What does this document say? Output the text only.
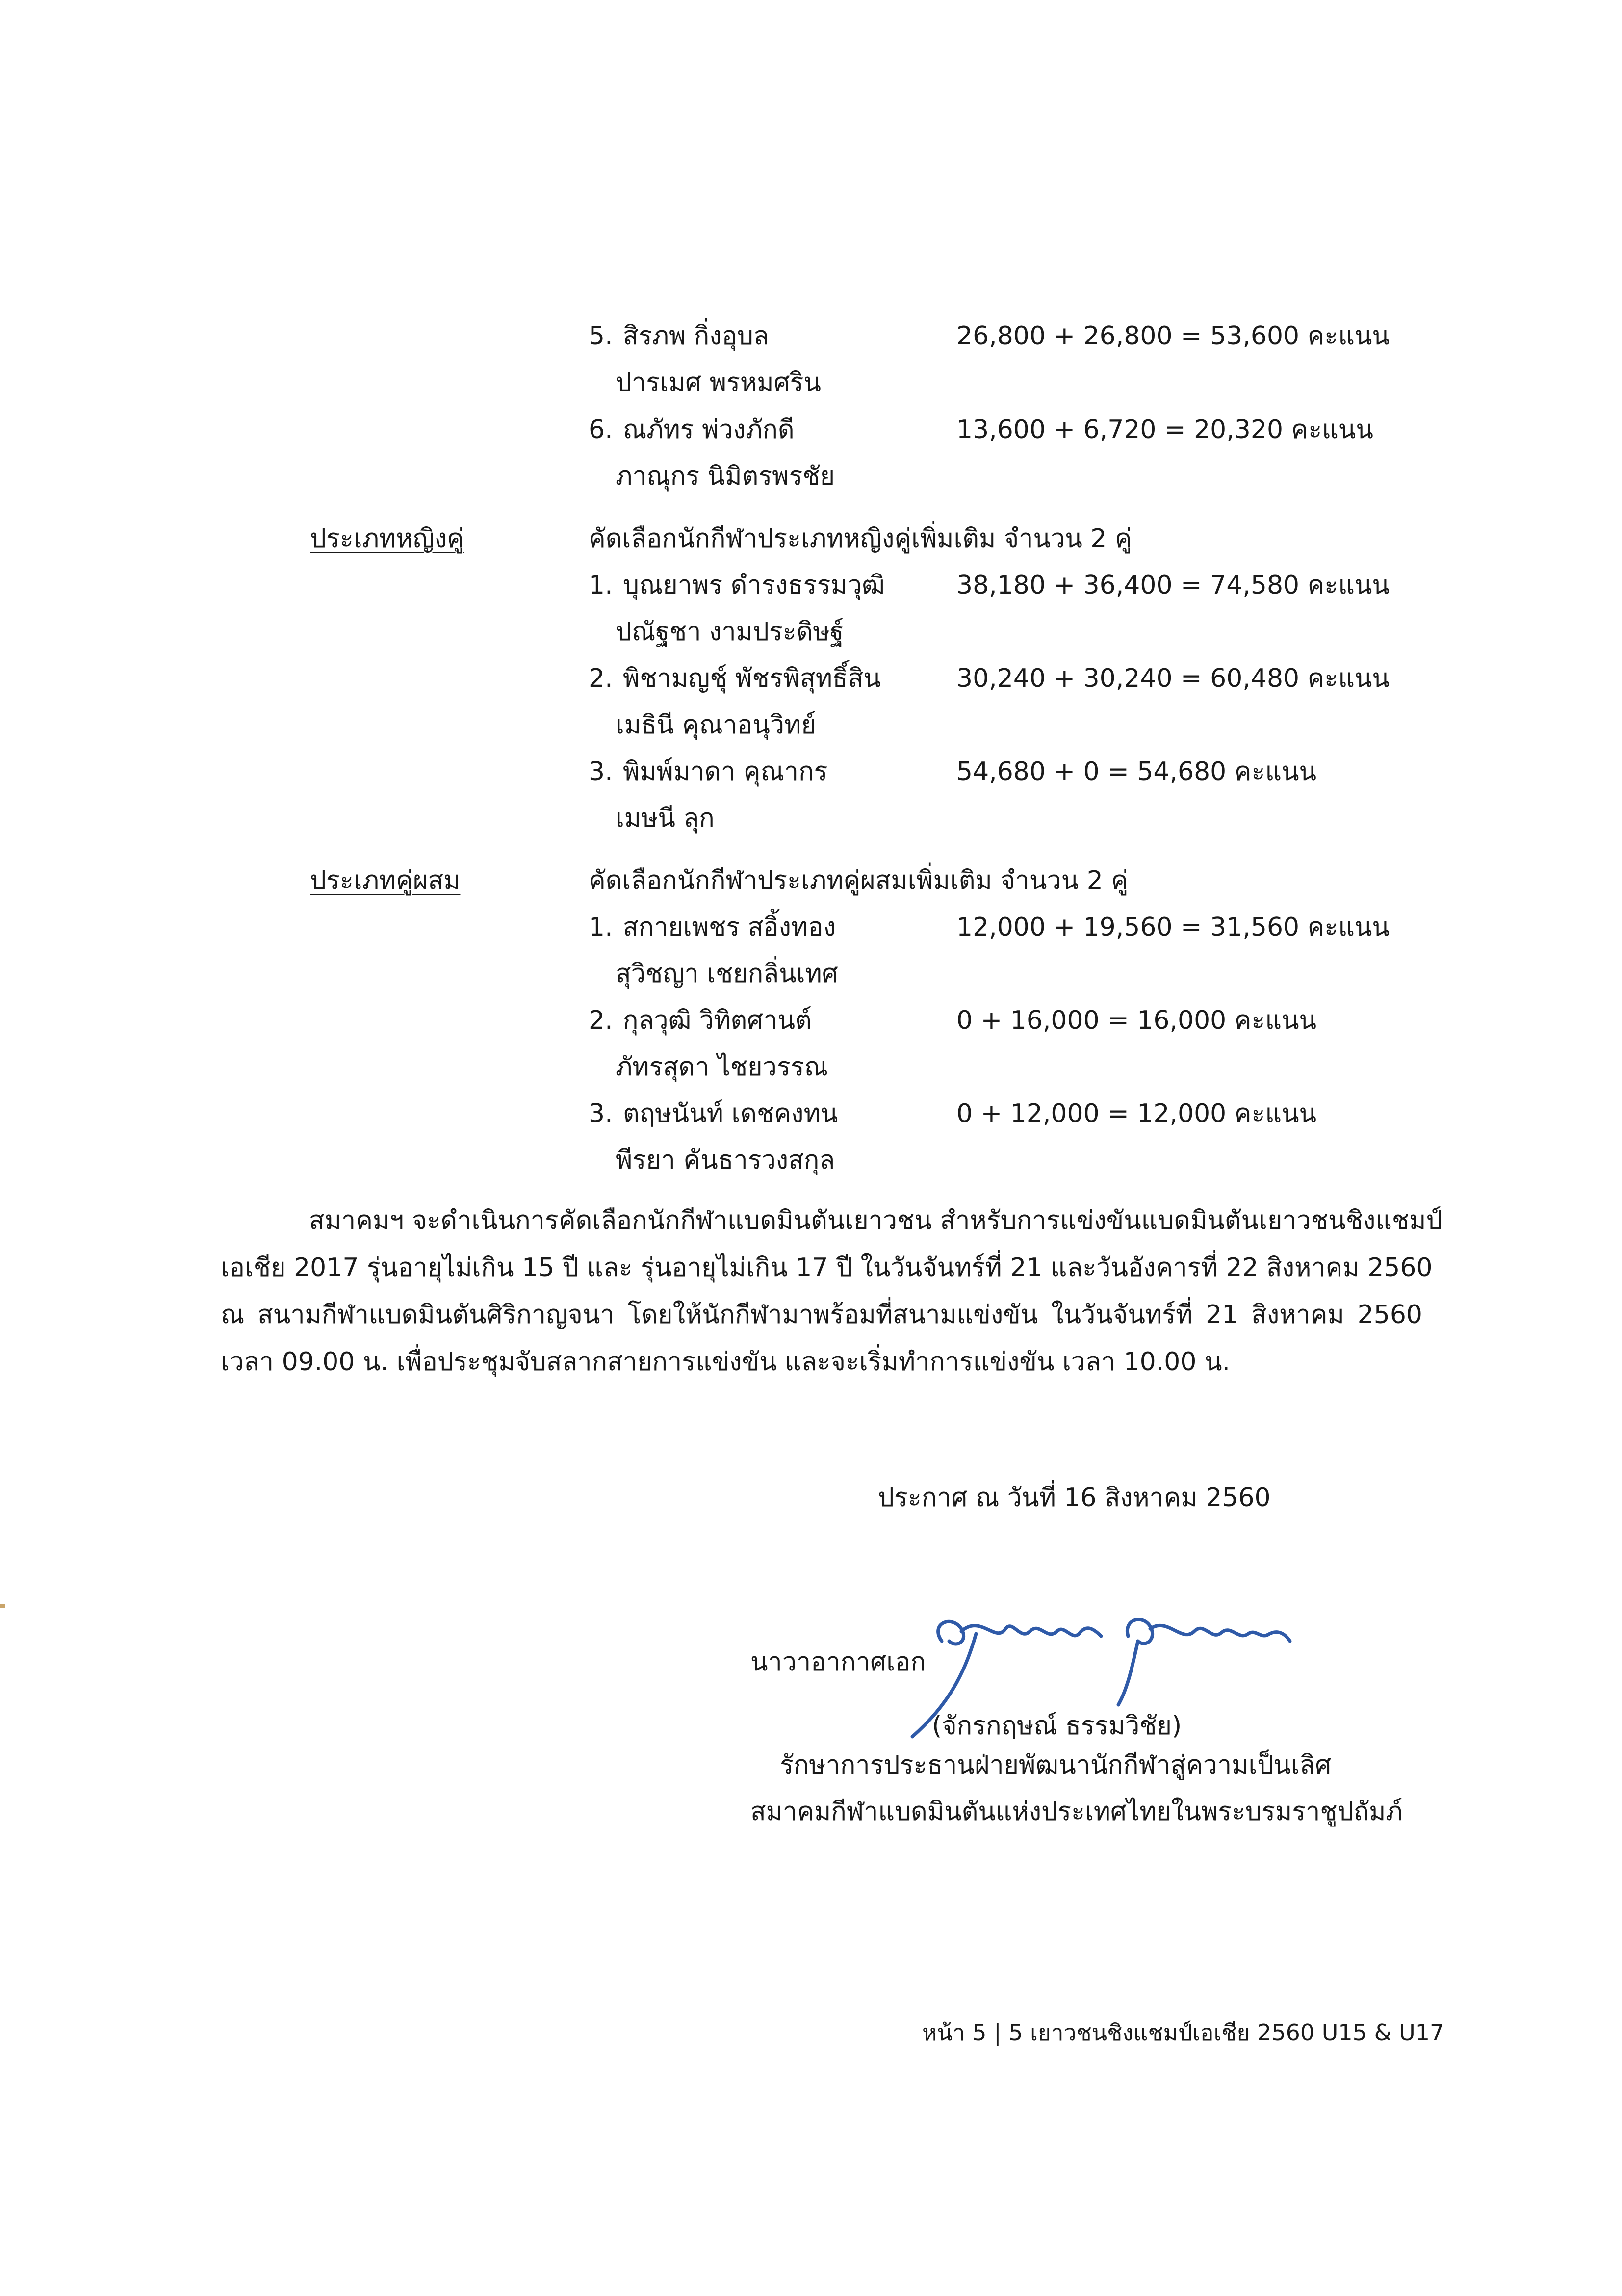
5. สิรภพ กิ่งอุบล	26,800 + 26,800 = 53,600 คะแนน
ปารเมศ พรหมศริน
6. ณภัทร พ่วงภักดี	13,600 + 6,720 = 20,320 คะแนน
ภาณุกร นิมิตรพรชัย
ประเภทหญิงคู่	คัดเลือกนักกีฬาประเภทหญิงคู่เพิ่มเติม จำนวน 2 คู่
1. บุณยาพร ดำรงธรรมวุฒิ	38,180 + 36,400 = 74,580 คะแนน
ปณัฐชา งามประดิษฐ์
2. พิชามญชุ์ พัชรพิสุทธิ์สิน	30,240 + 30,240 = 60,480 คะแนน
เมธินี คุณาอนุวิทย์
3. พิมพ์มาดา คุณากร	54,680 + 0 = 54,680 คะแนน
เมษนี ลุก
ประเภทคู่ผสม	คัดเลือกนักกีฬาประเภทคู่ผสมเพิ่มเติม จำนวน 2 คู่
1. สกายเพชร สอิ้งทอง	12,000 + 19,560 = 31,560 คะแนน
สุวิชญา เชยกลิ่นเทศ
2. กุลวุฒิ วิทิตศานต์	0 + 16,000 = 16,000 คะแนน
ภัทรสุดา ไชยวรรณ
3. ตฤษนันท์ เดชคงทน	0 + 12,000 = 12,000 คะแนน
พีรยา คันธารวงสกุล
สมาคมฯ จะดำเนินการคัดเลือกนักกีฬาแบดมินตันเยาวชน สำหรับการแข่งขันแบดมินตันเยาวชนชิงแชมป์
เอเชีย 2017 รุ่นอายุไม่เกิน 15 ปี และ รุ่นอายุไม่เกิน 17 ปี ในวันจันทร์ที่ 21 และวันอังคารที่ 22 สิงหาคม 2560
ณ สนามกีฬาแบดมินตันศิริกาญจนา โดยให้นักกีฬามาพร้อมที่สนามแข่งขัน ในวันจันทร์ที่ 21 สิงหาคม 2560
เวลา 09.00 น. เพื่อประชุมจับสลากสายการแข่งขัน และจะเริ่มทำการแข่งขัน เวลา 10.00 น.
ประกาศ ณ วันที่ 16 สิงหาคม 2560
นาวาอากาศเอก
(จักรกฤษณ์ ธรรมวิชัย)
รักษาการประธานฝ่ายพัฒนานักกีฬาสู่ความเป็นเลิศ
สมาคมกีฬาแบดมินตันแห่งประเทศไทยในพระบรมราชูปถัมภ์
หน้า 5 | 5 เยาวชนชิงแชมป์เอเชีย 2560 U15 & U17
